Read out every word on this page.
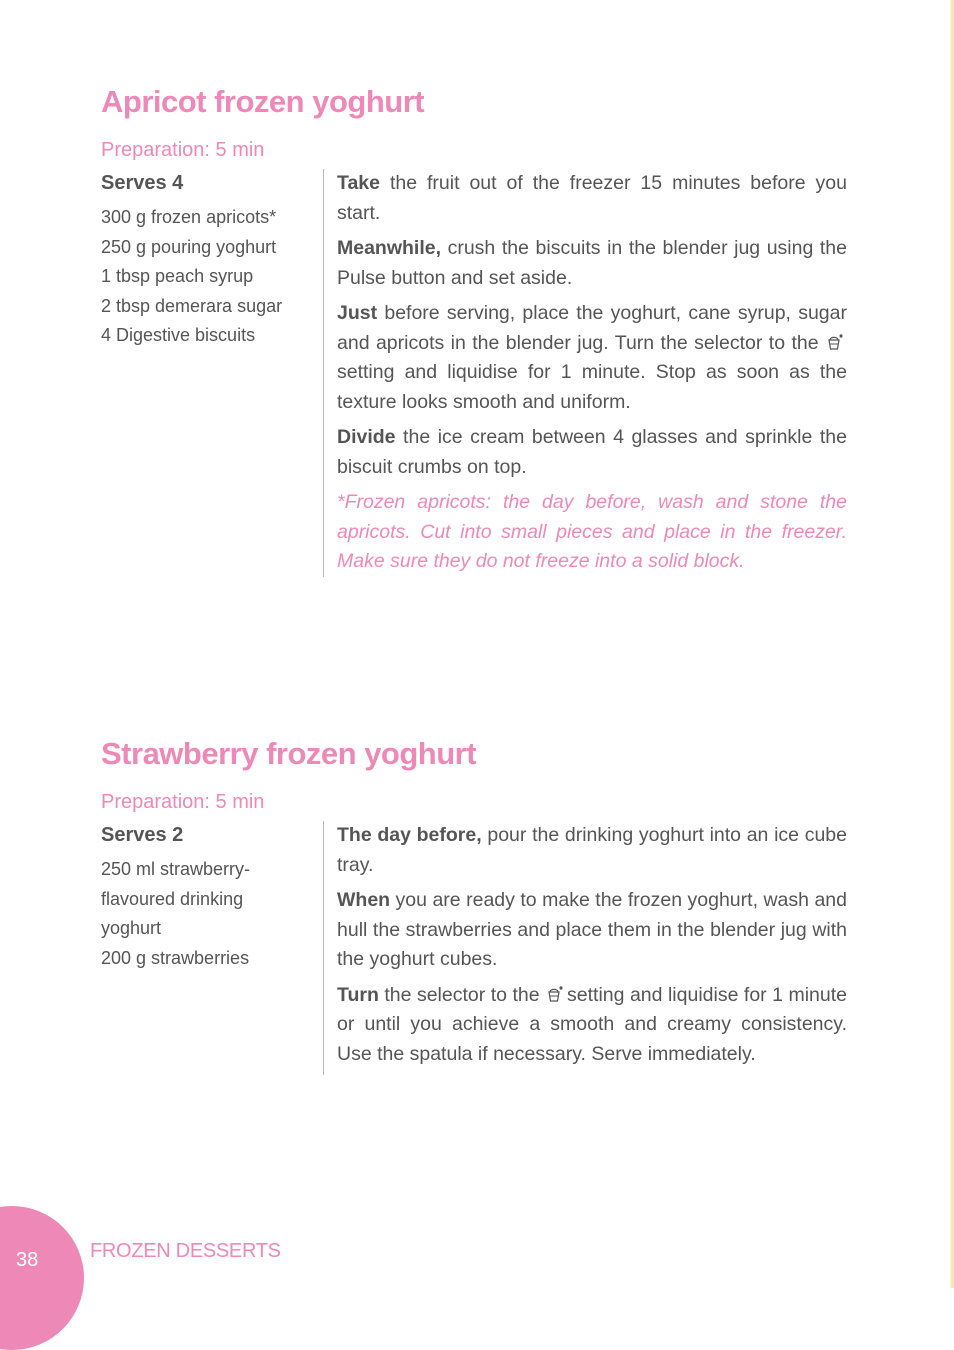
Apricot frozen yoghurt
Preparation: 5 min
Serves 4
300 g frozen apricots*
250 g pouring yoghurt
1 tbsp peach syrup
2 tbsp demerara sugar
4 Digestive biscuits

Take the fruit out of the freezer 15 minutes before you start.

Meanwhile, crush the biscuits in the blender jug using the Pulse button and set aside.

Just before serving, place the yoghurt, cane syrup, sugar and apricots in the blender jug. Turn the selector to the  setting and liquidise for 1 minute. Stop as soon as the texture looks smooth and uniform.

Divide the ice cream between 4 glasses and sprinkle the biscuit crumbs on top.

*Frozen apricots: the day before, wash and stone the apricots. Cut into small pieces and place in the freezer. Make sure they do not freeze into a solid block.

Strawberry frozen yoghurt
Preparation: 5 min
Serves 2
250 ml strawberry-
flavoured drinking
yoghurt
200 g strawberries

The day before, pour the drinking yoghurt into an ice cube tray.

When you are ready to make the frozen yoghurt, wash and hull the strawberries and place them in the blender jug with the yoghurt cubes.

Turn the selector to the setting and liquidise for 1 minute or until you achieve a smooth and creamy consistency. Use the spatula if necessary. Serve immediately.

38	FROZEN DESSERTS
